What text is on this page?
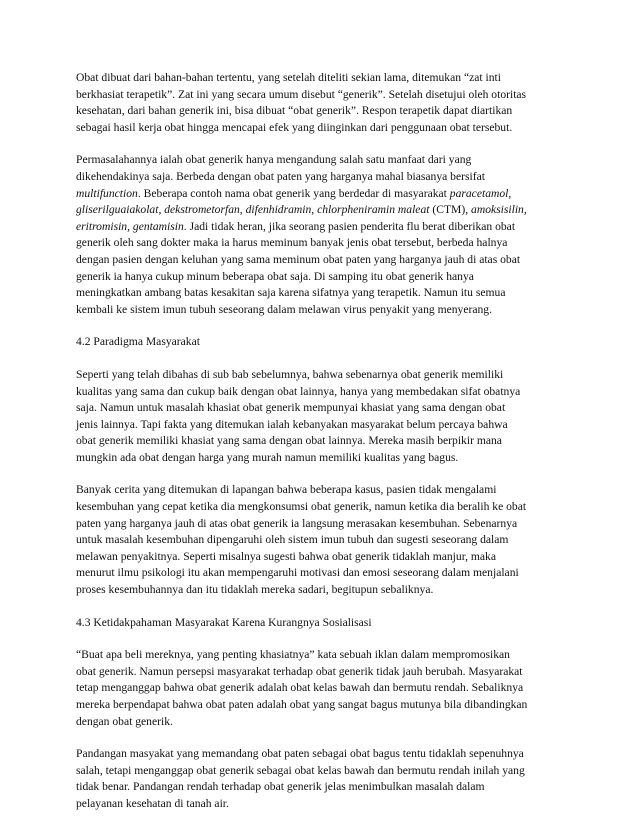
Obat dibuat dari bahan-bahan tertentu, yang setelah diteliti sekian lama, ditemukan “zat inti
berkhasiat terapetik”. Zat ini yang secara umum disebut “generik”. Setelah disetujui oleh otoritas
kesehatan, dari bahan generik ini, bisa dibuat “obat generik”. Respon terapetik dapat diartikan
sebagai hasil kerja obat hingga mencapai efek yang diinginkan dari penggunaan obat tersebut.
Permasalahannya ialah obat generik hanya mengandung salah satu manfaat dari yang
dikehendakinya saja. Berbeda dengan obat paten yang harganya mahal biasanya bersifat
multifunction. Beberapa contoh nama obat generik yang berdedar di masyarakat paracetamol,
gliserilguaiakolat, dekstrometorfan, difenhidramin, chlorpheniramin maleat (CTM), amoksisilin,
eritromisin, gentamisin. Jadi tidak heran, jika seorang pasien penderita flu berat diberikan obat
generik oleh sang dokter maka ia harus meminum banyak jenis obat tersebut, berbeda halnya
dengan pasien dengan keluhan yang sama meminum obat paten yang harganya jauh di atas obat
generik ia hanya cukup minum beberapa obat saja. Di samping itu obat generik hanya
meningkatkan ambang batas kesakitan saja karena sifatnya yang terapetik. Namun itu semua
kembali ke sistem imun tubuh seseorang dalam melawan virus penyakit yang menyerang.
4.2 Paradigma Masyarakat
Seperti yang telah dibahas di sub bab sebelumnya, bahwa sebenarnya obat generik memiliki
kualitas yang sama dan cukup baik dengan obat lainnya, hanya yang membedakan sifat obatnya
saja. Namun untuk masalah khasiat obat generik mempunyai khasiat yang sama dengan obat
jenis lainnya. Tapi fakta yang ditemukan ialah kebanyakan masyarakat belum percaya bahwa
obat generik memiliki khasiat yang sama dengan obat lainnya. Mereka masih berpikir mana
mungkin ada obat dengan harga yang murah namun memiliki kualitas yang bagus.
Banyak cerita yang ditemukan di lapangan bahwa beberapa kasus, pasien tidak mengalami
kesembuhan yang cepat ketika dia mengkonsumsi obat generik, namun ketika dia beralih ke obat
paten yang harganya jauh di atas obat generik ia langsung merasakan kesembuhan. Sebenarnya
untuk masalah kesembuhan dipengaruhi oleh sistem imun tubuh dan sugesti seseorang dalam
melawan penyakitnya. Seperti misalnya sugesti bahwa obat generik tidaklah manjur, maka
menurut ilmu psikologi itu akan mempengaruhi motivasi dan emosi seseorang dalam menjalani
proses kesembuhannya dan itu tidaklah mereka sadari, begitupun sebaliknya.
4.3 Ketidakpahaman Masyarakat Karena Kurangnya Sosialisasi
“Buat apa beli mereknya, yang penting khasiatnya” kata sebuah iklan dalam mempromosikan
obat generik. Namun persepsi masyarakat terhadap obat generik tidak jauh berubah. Masyarakat
tetap menganggap bahwa obat generik adalah obat kelas bawah dan bermutu rendah. Sebaliknya
mereka berpendapat bahwa obat paten adalah obat yang sangat bagus mutunya bila dibandingkan
dengan obat generik.
Pandangan masyakat yang memandang obat paten sebagai obat bagus tentu tidaklah sepenuhnya
salah, tetapi menganggap obat generik sebagai obat kelas bawah dan bermutu rendah inilah yang
tidak benar. Pandangan rendah terhadap obat generik jelas menimbulkan masalah dalam
pelayanan kesehatan di tanah air.
